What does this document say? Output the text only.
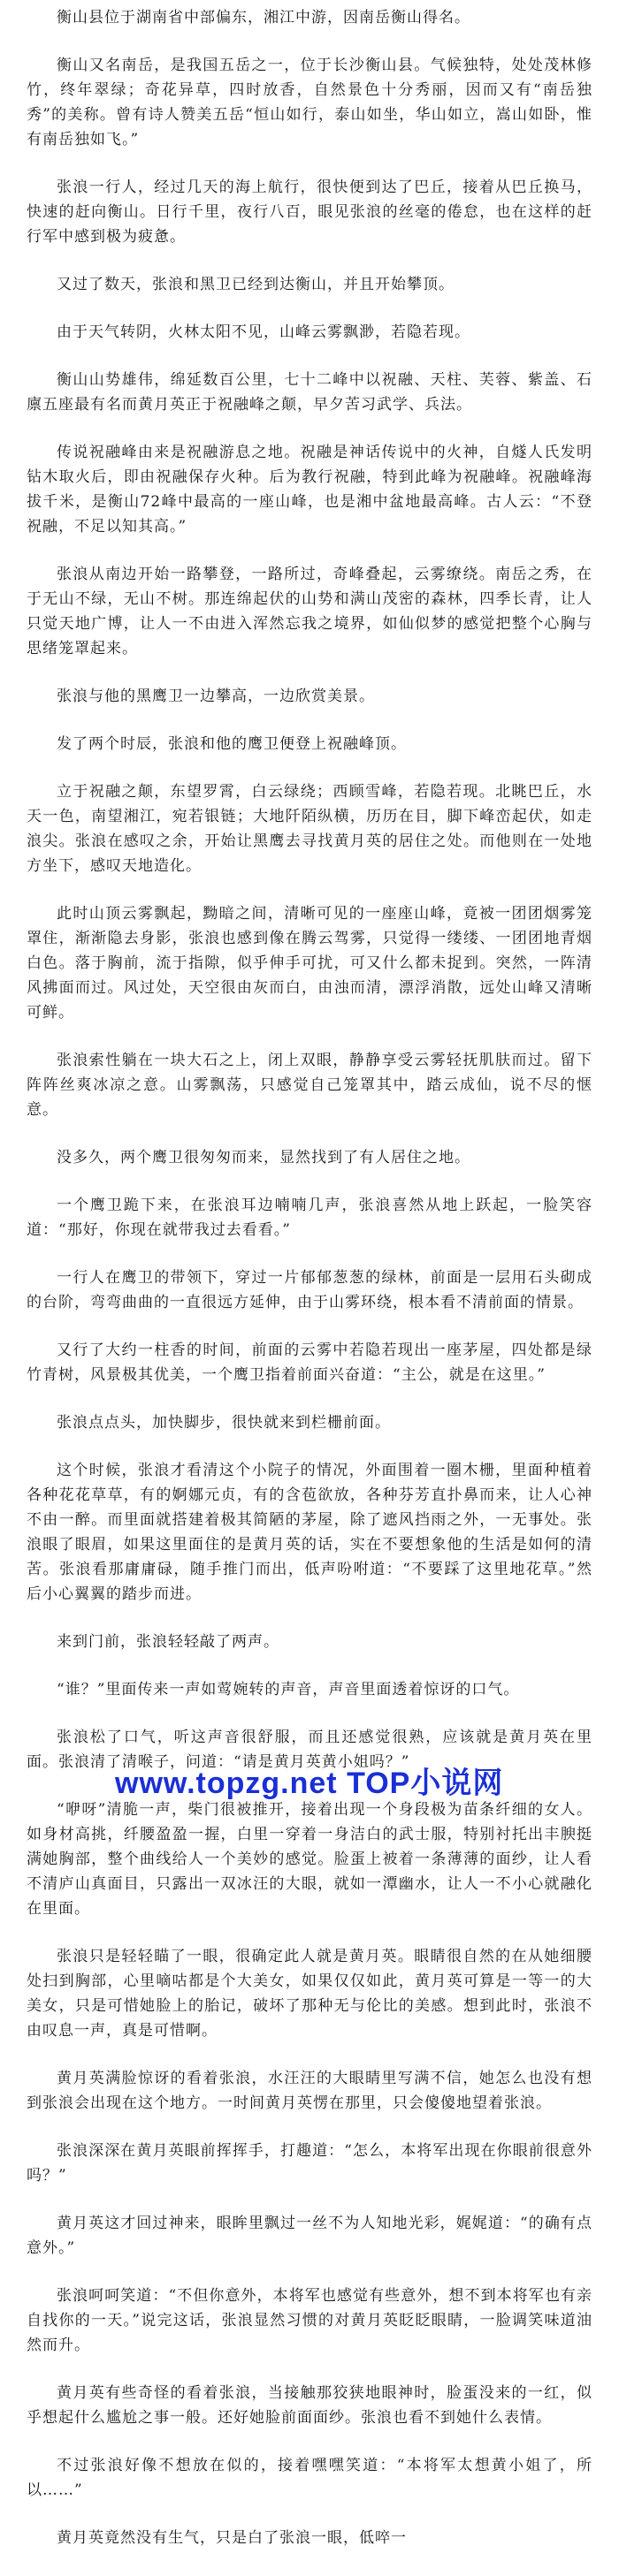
衡山县位于湖南省中部偏东，湘江中游，因南岳衡山得名。

衡山又名南岳，是我国五岳之一，位于长沙衡山县。气候独特，处处茂林修竹，终年翠绿；奇花异草，四时放香，自然景色十分秀丽，因而又有“南岳独秀”的美称。曾有诗人赞美五岳“恒山如行，泰山如坐，华山如立，嵩山如卧，惟有南岳独如飞。”

张浪一行人，经过几天的海上航行，很快便到达了巴丘，接着从巴丘换马，快速的赶向衡山。日行千里，夜行八百，眼见张浪的丝毫的倦怠，也在这样的赶行军中感到极为疲惫。

又过了数天，张浪和黑卫已经到达衡山，并且开始攀顶。

由于天气转阴，火林太阳不见，山峰云雾飘渺，若隐若现。

衡山山势雄伟，绵延数百公里，七十二峰中以祝融、天柱、芙蓉、紫盖、石廪五座最有名而黄月英正于祝融峰之颠，早夕苦习武学、兵法。

传说祝融峰由来是祝融游息之地。祝融是神话传说中的火神，自燧人氏发明钻木取火后，即由祝融保存火种。后为教行祝融，特到此峰为祝融峰。祝融峰海拔千米，是衡山72峰中最高的一座山峰，也是湘中盆地最高峰。古人云：“不登祝融，不足以知其高。”

张浪从南边开始一路攀登，一路所过，奇峰叠起，云雾缭绕。南岳之秀，在于无山不绿，无山不树。那连绵起伏的山势和满山茂密的森林，四季长青，让人只觉天地广博，让人一不由进入浑然忘我之境界，如仙似梦的感觉把整个心胸与思绪笼罩起来。

张浪与他的黑鹰卫一边攀高，一边欣赏美景。

发了两个时辰，张浪和他的鹰卫便登上祝融峰顶。

立于祝融之颠，东望罗霄，白云绿绕；西顾雪峰，若隐若现。北眺巴丘，水天一色，南望湘江，宛若银链；大地阡陌纵横，历历在目，脚下峰峦起伏，如走浪尖。张浪在感叹之余，开始让黑鹰去寻找黄月英的居住之处。而他则在一处地方坐下，感叹天地造化。

此时山顶云雾飘起，黝暗之间，清晰可见的一座座山峰，竟被一团团烟雾笼罩住，渐渐隐去身影，张浪也感到像在腾云驾雾，只觉得一缕缕、一团团地青烟白色。落于胸前，流于指隙，似乎伸手可扰，可又什么都未捉到。突然，一阵清风拂面而过。风过处，天空很由灰而白，由浊而清，漂浮消散，远处山峰又清晰可鲜。

张浪索性躺在一块大石之上，闭上双眼，静静享受云雾轻抚肌肤而过。留下阵阵丝爽冰凉之意。山雾飘荡，只感觉自己笼罩其中，踏云成仙，说不尽的惬意。

没多久，两个鹰卫很匆匆而来，显然找到了有人居住之地。

一个鹰卫跪下来，在张浪耳边喃喃几声，张浪喜然从地上跃起，一脸笑容道：“那好，你现在就带我过去看看。”

一行人在鹰卫的带领下，穿过一片郁郁葱葱的绿林，前面是一层用石头砌成的台阶，弯弯曲曲的一直很远方延伸，由于山雾环绕，根本看不清前面的情景。

又行了大约一柱香的时间，前面的云雾中若隐若现出一座茅屋，四处都是绿竹青树，风景极其优美，一个鹰卫指着前面兴奋道：“主公，就是在这里。”

张浪点点头，加快脚步，很快就来到栏栅前面。

这个时候，张浪才看清这个小院子的情况，外面围着一圈木栅，里面种植着各种花花草草，有的婀娜元贞，有的含苞欲放，各种芬芳直扑鼻而来，让人心神不由一醉。而里面就搭建着极其简陋的茅屋，除了遮风挡雨之外，一无事处。张浪眼了眼眉，如果这里面住的是黄月英的话，实在不要想象他的生活是如何的清苦。张浪看那庸庸碌，随手推门而出，低声吩咐道：“不要踩了这里地花草。”然后小心翼翼的踏步而进。

来到门前，张浪轻轻敲了两声。

“谁？”里面传来一声如莺婉转的声音，声音里面透着惊讶的口气。

张浪松了口气，听这声音很舒服，而且还感觉很熟，应该就是黄月英在里面。张浪清了清喉子，问道：“请是黄月英黄小姐吗？”

“咿呀”清脆一声，柴门很被推开，接着出现一个身段极为苗条纤细的女人。如身材高挑，纤腰盈盈一握，白里一穿着一身洁白的武士服，特别衬托出丰腴挺满她胸部，整个曲线给人一个美妙的感觉。脸蛋上被着一条薄薄的面纱，让人看不清庐山真面目，只露出一双冰汪的大眼，就如一潭幽水，让人一不小心就融化在里面。

张浪只是轻轻瞄了一眼，很确定此人就是黄月英。眼睛很自然的在从她细腰处扫到胸部，心里嘀咕都是个大美女，如果仅仅如此，黄月英可算是一等一的大美女，只是可惜她脸上的胎记，破坏了那种无与伦比的美感。想到此时，张浪不由叹息一声，真是可惜啊。

黄月英满脸惊讶的看着张浪，水汪汪的大眼睛里写满不信，她怎么也没有想到张浪会出现在这个地方。一时间黄月英愣在那里，只会傻傻地望着张浪。

张浪深深在黄月英眼前挥挥手，打趣道：“怎么，本将军出现在你眼前很意外吗？”

黄月英这才回过神来，眼眸里飘过一丝不为人知地光彩，娓娓道：“的确有点意外。”

张浪呵呵笑道：“不但你意外，本将军也感觉有些意外，想不到本将军也有亲自找你的一天。”说完这话，张浪显然习惯的对黄月英眨眨眼睛，一脸调笑味道油然而升。

黄月英有些奇怪的看着张浪，当接触那狡狭地眼神时，脸蛋没来的一红，似乎想起什么尴尬之事一般。还好她脸前面面纱。张浪也看不到她什么表情。

不过张浪好像不想放在似的，接着嘿嘿笑道：“本将军太想黄小姐了，所以……”

黄月英竟然没有生气，只是白了张浪一眼，低啐一

www.topzg.net TOP小说网
